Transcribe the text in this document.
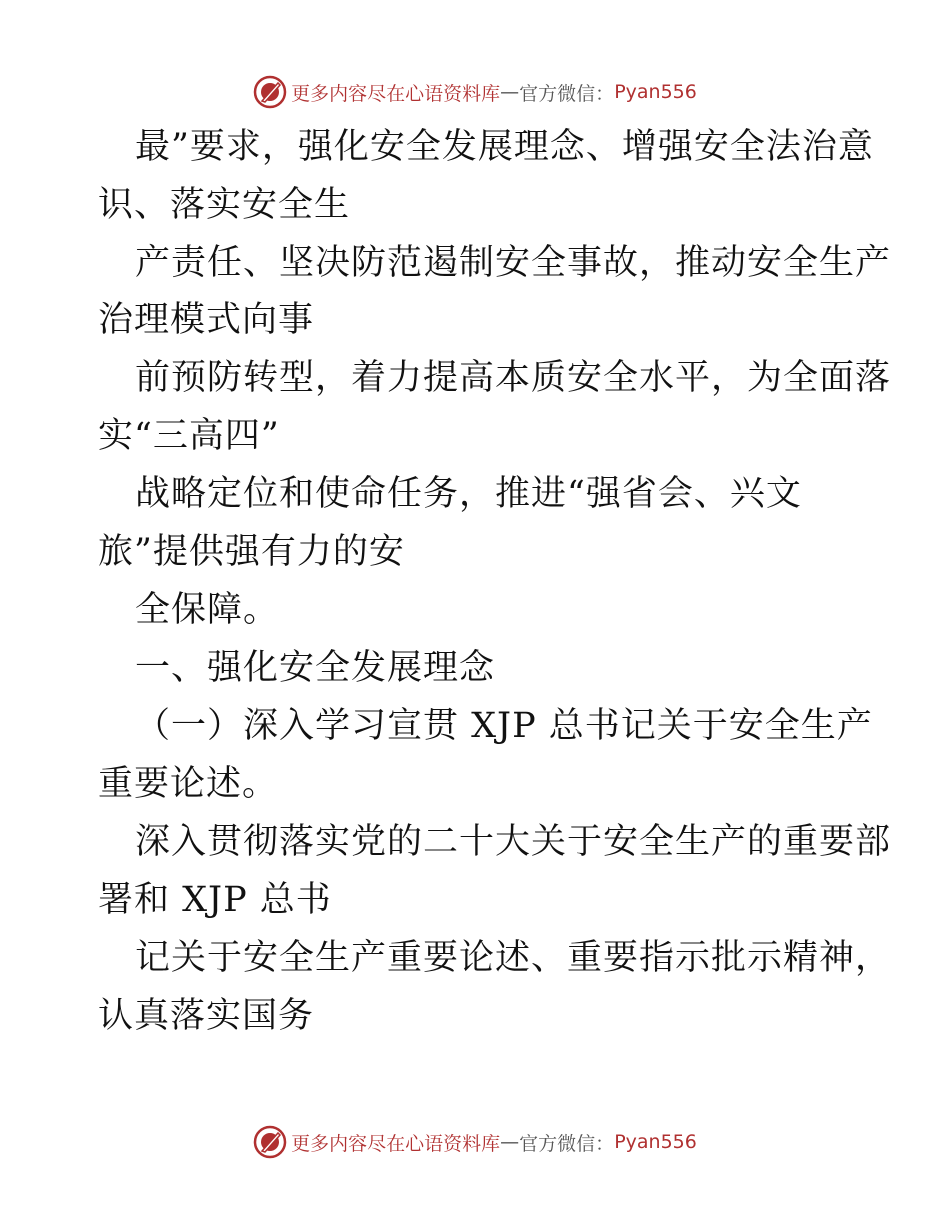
更多内容尽在心语资料库 — 官方微信： Pyan556
最”要求，强化安全发展理念、增强安全法治意
识、落实安全生
产责任、坚决防范遏制安全事故，推动安全生产
治理模式向事
前预防转型，着力提高本质安全水平，为全面落
实“三高四”
战略定位和使命任务，推进“强省会、兴文
旅”提供强有力的安
全保障。
一、强化安全发展理念
（一）深入学习宣贯 XJP 总书记关于安全生产
重要论述。
深入贯彻落实党的二十大关于安全生产的重要部
署和 XJP 总书
记关于安全生产重要论述、重要指示批示精神，
认真落实国务
更多内容尽在心语资料库 — 官方微信： Pyan556
